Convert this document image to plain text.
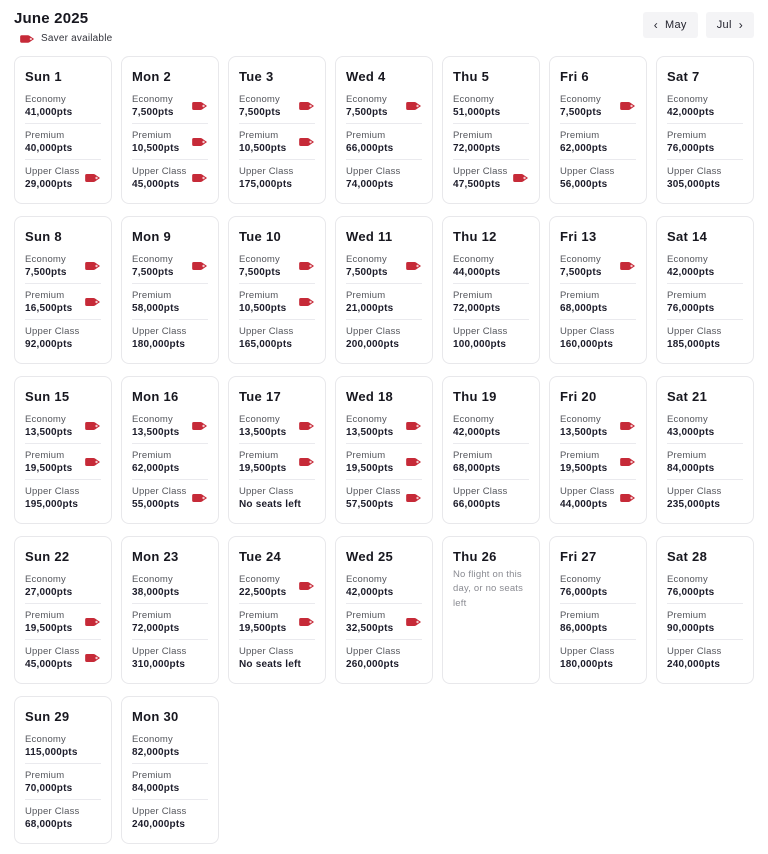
June 2025
Saver available
‹ May	Jul ›
Sun 1
Economy
41,000pts
Premium
40,000pts
Upper Class
29,000pts
Mon 2
Economy
7,500pts
Premium
10,500pts
Upper Class
45,000pts
Tue 3
Economy
7,500pts
Premium
10,500pts
Upper Class
175,000pts
Wed 4
Economy
7,500pts
Premium
66,000pts
Upper Class
74,000pts
Thu 5
Economy
51,000pts
Premium
72,000pts
Upper Class
47,500pts
Fri 6
Economy
7,500pts
Premium
62,000pts
Upper Class
56,000pts
Sat 7
Economy
42,000pts
Premium
76,000pts
Upper Class
305,000pts
Sun 8
Economy
7,500pts
Premium
16,500pts
Upper Class
92,000pts
Mon 9
Economy
7,500pts
Premium
58,000pts
Upper Class
180,000pts
Tue 10
Economy
7,500pts
Premium
10,500pts
Upper Class
165,000pts
Wed 11
Economy
7,500pts
Premium
21,000pts
Upper Class
200,000pts
Thu 12
Economy
44,000pts
Premium
72,000pts
Upper Class
100,000pts
Fri 13
Economy
7,500pts
Premium
68,000pts
Upper Class
160,000pts
Sat 14
Economy
42,000pts
Premium
76,000pts
Upper Class
185,000pts
Sun 15
Economy
13,500pts
Premium
19,500pts
Upper Class
195,000pts
Mon 16
Economy
13,500pts
Premium
62,000pts
Upper Class
55,000pts
Tue 17
Economy
13,500pts
Premium
19,500pts
Upper Class
No seats left
Wed 18
Economy
13,500pts
Premium
19,500pts
Upper Class
57,500pts
Thu 19
Economy
42,000pts
Premium
68,000pts
Upper Class
66,000pts
Fri 20
Economy
13,500pts
Premium
19,500pts
Upper Class
44,000pts
Sat 21
Economy
43,000pts
Premium
84,000pts
Upper Class
235,000pts
Sun 22
Economy
27,000pts
Premium
19,500pts
Upper Class
45,000pts
Mon 23
Economy
38,000pts
Premium
72,000pts
Upper Class
310,000pts
Tue 24
Economy
22,500pts
Premium
19,500pts
Upper Class
No seats left
Wed 25
Economy
42,000pts
Premium
32,500pts
Upper Class
260,000pts
Thu 26
No flight on this day, or no seats left
Fri 27
Economy
76,000pts
Premium
86,000pts
Upper Class
180,000pts
Sat 28
Economy
76,000pts
Premium
90,000pts
Upper Class
240,000pts
Sun 29
Economy
115,000pts
Premium
70,000pts
Upper Class
68,000pts
Mon 30
Economy
82,000pts
Premium
84,000pts
Upper Class
240,000pts
